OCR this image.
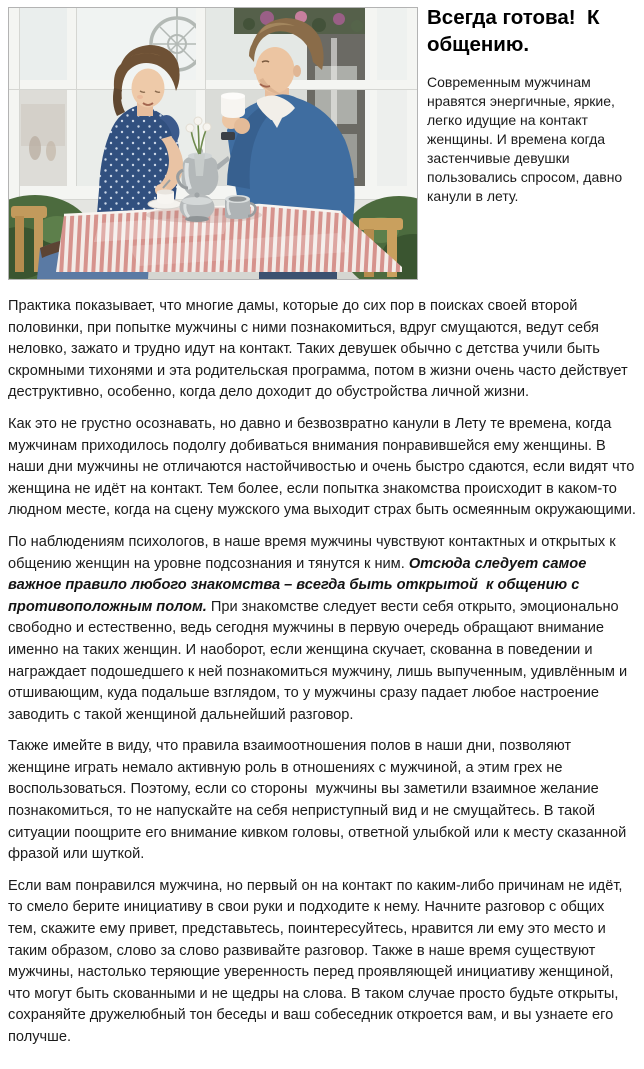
Всегда готова!  К общению.

Современным мужчинам нравятся энергичные, яркие, легко идущие на контакт женщины. И времена когда застенчивые девушки пользовались спросом, давно канули в лету.

Практика показывает, что многие дамы, которые до сих пор в поисках своей второй половинки, при попытке мужчины с ними познакомиться, вдруг смущаются, ведут себя неловко, зажато и трудно идут на контакт. Таких девушек обычно с детства учили быть скромными тихонями и эта родительская программа, потом в жизни очень часто действует деструктивно, особенно, когда дело доходит до обустройства личной жизни.

Как это не грустно осознавать, но давно и безвозвратно канули в Лету те времена, когда мужчинам приходилось подолгу добиваться внимания понравившейся ему женщины. В наши дни мужчины не отличаются настойчивостью и очень быстро сдаются, если видят что женщина не идёт на контакт. Тем более, если попытка знакомства происходит в каком-то людном месте, когда на сцену мужского ума выходит страх быть осмеянным окружающими.

По наблюдениям психологов, в наше время мужчины чувствуют контактных и открытых к общению женщин на уровне подсознания и тянутся к ним. Отсюда следует самое важное правило любого знакомства – всегда быть открытой  к общению с противоположным полом. При знакомстве следует вести себя открыто, эмоционально свободно и естественно, ведь сегодня мужчины в первую очередь обращают внимание именно на таких женщин. И наоборот, если женщина скучает, скованна в поведении и награждает подошедшего к ней познакомиться мужчину, лишь выпученным, удивлённым и отшивающим, куда подальше взглядом, то у мужчины сразу падает любое настроение заводить с такой женщиной дальнейший разговор.

Также имейте в виду, что правила взаимоотношения полов в наши дни, позволяют женщине играть немало активную роль в отношениях с мужчиной, а этим грех не воспользоваться. Поэтому, если со стороны  мужчины вы заметили взаимное желание познакомиться, то не напускайте на себя неприступный вид и не смущайтесь. В такой ситуации поощрите его внимание кивком головы, ответной улыбкой или к месту сказанной фразой или шуткой.

Если вам понравился мужчина, но первый он на контакт по каким-либо причинам не идёт, то смело берите инициативу в свои руки и подходите к нему. Начните разговор с общих тем, скажите ему привет, представьтесь, поинтересуйтесь, нравится ли ему это место и таким образом, слово за слово развивайте разговор. Также в наше время существуют мужчины, настолько теряющие уверенность перед проявляющей инициативу женщиной, что могут быть скованными и не щедры на слова. В таком случае просто будьте открыты, сохраняйте дружелюбный тон беседы и ваш собеседник откроется вам, и вы узнаете его получше.
